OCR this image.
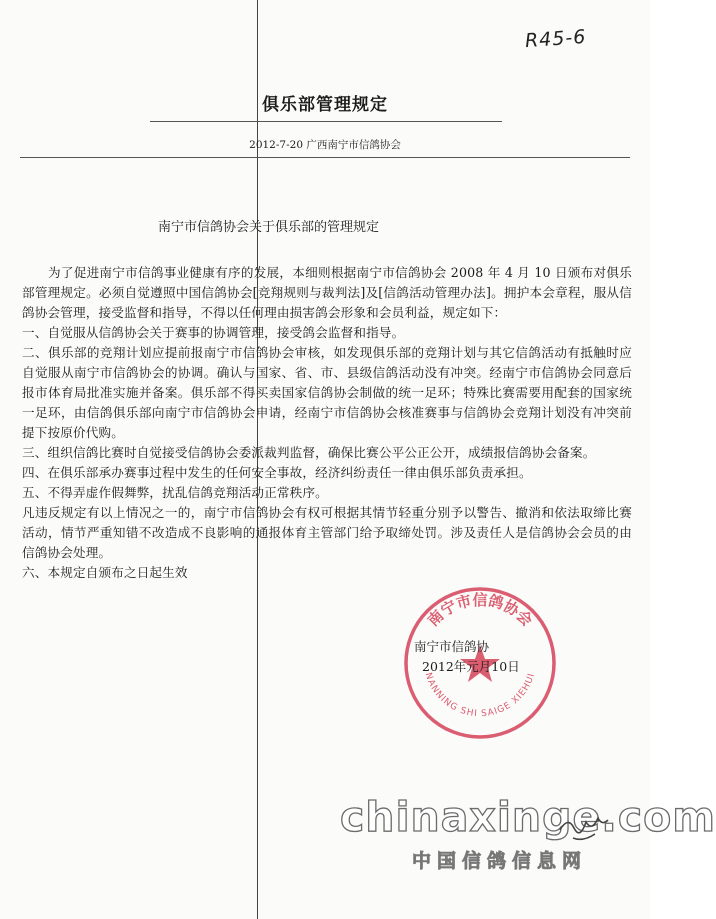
R45-6
俱乐部管理规定
2012-7-20 广西南宁市信鸽协会
南宁市信鸽协会关于俱乐部的管理规定

为了促进南宁市信鸽事业健康有序的发展，本细则根据南宁市信鸽协会 2008 年 4 月 10 日颁布对俱乐部管理规定。必须自觉遵照中国信鸽协会[竞翔规则与裁判法]及[信鸽活动管理办法]。拥护本会章程，服从信鸽协会管理，接受监督和指导，不得以任何理由损害鸽会形象和会员利益，规定如下：

一、自觉服从信鸽协会关于赛事的协调管理，接受鸽会监督和指导。

二、俱乐部的竞翔计划应提前报南宁市信鸽协会审核，如发现俱乐部的竞翔计划与其它信鸽活动有抵触时应自觉服从南宁市信鸽协会的协调。确认与国家、省、市、县级信鸽活动没有冲突。经南宁市信鸽协会同意后报市体育局批准实施并备案。俱乐部不得买卖国家信鸽协会制做的统一足环；特殊比赛需要用配套的国家统一足环，由信鸽俱乐部向南宁市信鸽协会申请，经南宁市信鸽协会核准赛事与信鸽协会竞翔计划没有冲突前提下按原价代购。

三、组织信鸽比赛时自觉接受信鸽协会委派裁判监督，确保比赛公平公正公开，成绩报信鸽协会备案。

四、在俱乐部承办赛事过程中发生的任何安全事故，经济纠纷责任一律由俱乐部负责承担。

五、不得弄虚作假舞弊，扰乱信鸽竞翔活动正常秩序。

凡违反规定有以上情况之一的，南宁市信鸽协会有权可根据其情节轻重分别予以警告、撤消和依法取缔比赛活动，情节严重知错不改造成不良影响的通报体育主管部门给予取缔处罚。涉及责任人是信鸽协会会员的由信鸽协会处理。

六、本规定自颁布之日起生效

南宁市信鸽协会
NANNING SHI SAIGE XIEHUI
南宁市信鸽协
2012年元月10日
chinaxinge.com
中国信鸽信息网
